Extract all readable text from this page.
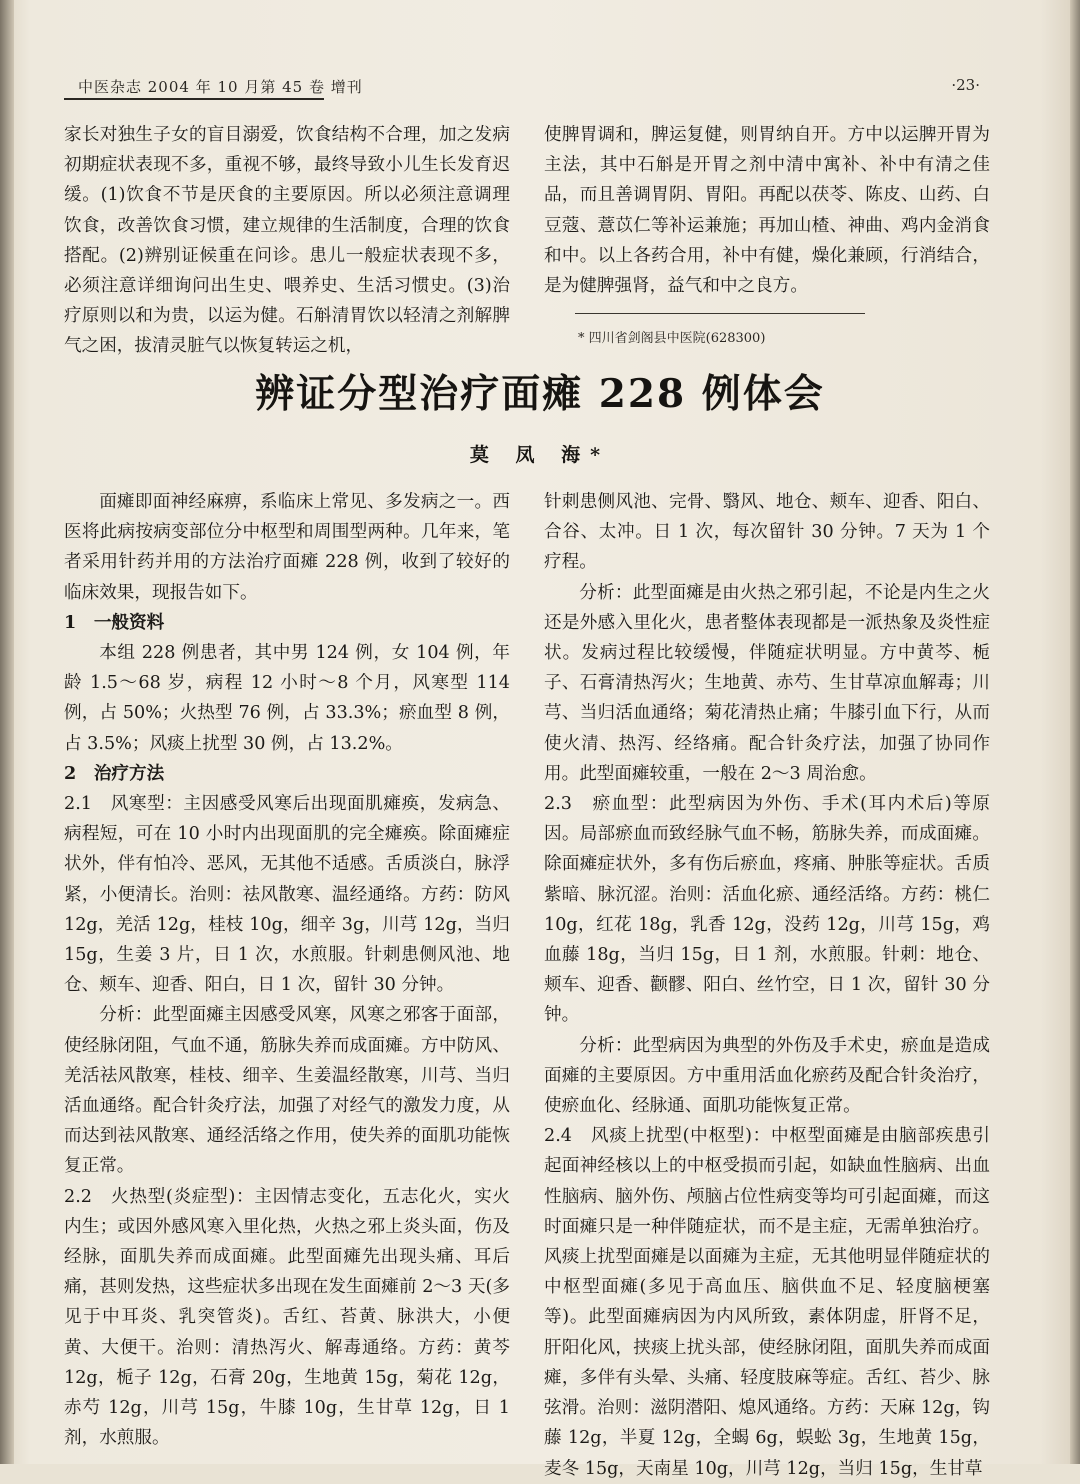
中医杂志 2004 年 10 月第 45 卷 增刊	·23·

家长对独生子女的盲目溺爱，饮食结构不合理，加之发病初期症状表现不多，重视不够，最终导致小儿生长发育迟缓。(1)饮食不节是厌食的主要原因。所以必须注意调理饮食，改善饮食习惯，建立规律的生活制度，合理的饮食搭配。(2)辨别证候重在问诊。患儿一般症状表现不多，必须注意详细询问出生史、喂养史、生活习惯史。(3)治疗原则以和为贵，以运为健。石斛清胃饮以轻清之剂解脾气之困，拔清灵脏气以恢复转运之机，

使脾胃调和，脾运复健，则胃纳自开。方中以运脾开胃为主法，其中石斛是开胃之剂中清中寓补、补中有清之佳品，而且善调胃阴、胃阳。再配以茯苓、陈皮、山药、白豆蔻、薏苡仁等补运兼施；再加山楂、神曲、鸡内金消食和中。以上各药合用，补中有健，燥化兼顾，行消结合，是为健脾强肾，益气和中之良方。

* 四川省剑阁县中医院(628300)
辨证分型治疗面瘫 228 例体会
莫 凤 海*

面瘫即面神经麻痹，系临床上常见、多发病之一。西医将此病按病变部位分中枢型和周围型两种。几年来，笔者采用针药并用的方法治疗面瘫 228 例，收到了较好的临床效果，现报告如下。

1　一般资料

本组 228 例患者，其中男 124 例，女 104 例，年龄 1.5～68 岁，病程 12 小时～8 个月，风寒型 114 例，占 50%；火热型 76 例，占 33.3%；瘀血型 8 例，占 3.5%；风痰上扰型 30 例，占 13.2%。

2　治疗方法

2.1　风寒型：主因感受风寒后出现面肌瘫痪，发病急、病程短，可在 10 小时内出现面肌的完全瘫痪。除面瘫症状外，伴有怕冷、恶风，无其他不适感。舌质淡白，脉浮紧，小便清长。治则：祛风散寒、温经通络。方药：防风 12g，羌活 12g，桂枝 10g，细辛 3g，川芎 12g，当归 15g，生姜 3 片，日 1 次，水煎服。针刺患侧风池、地仓、颊车、迎香、阳白，日 1 次，留针 30 分钟。

分析：此型面瘫主因感受风寒，风寒之邪客于面部，使经脉闭阻，气血不通，筋脉失养而成面瘫。方中防风、羌活祛风散寒，桂枝、细辛、生姜温经散寒，川芎、当归活血通络。配合针灸疗法，加强了对经气的激发力度，从而达到祛风散寒、通经活络之作用，使失养的面肌功能恢复正常。

2.2　火热型(炎症型)：主因情志变化，五志化火，实火内生；或因外感风寒入里化热，火热之邪上炎头面，伤及经脉，面肌失养而成面瘫。此型面瘫先出现头痛、耳后痛，甚则发热，这些症状多出现在发生面瘫前 2～3 天(多见于中耳炎、乳突管炎)。舌红、苔黄、脉洪大，小便黄、大便干。治则：清热泻火、解毒通络。方药：黄芩 12g，栀子 12g，石膏 20g，生地黄 15g，菊花 12g，赤芍 12g，川芎 15g，牛膝 10g，生甘草 12g，日 1 剂，水煎服。

针刺患侧风池、完骨、翳风、地仓、颊车、迎香、阳白、合谷、太冲。日 1 次，每次留针 30 分钟。7 天为 1 个疗程。

分析：此型面瘫是由火热之邪引起，不论是内生之火还是外感入里化火，患者整体表现都是一派热象及炎性症状。发病过程比较缓慢，伴随症状明显。方中黄芩、栀子、石膏清热泻火；生地黄、赤芍、生甘草凉血解毒；川芎、当归活血通络；菊花清热止痛；牛膝引血下行，从而使火清、热泻、经络痛。配合针灸疗法，加强了协同作用。此型面瘫较重，一般在 2～3 周治愈。

2.3　瘀血型：此型病因为外伤、手术(耳内术后)等原因。局部瘀血而致经脉气血不畅，筋脉失养，而成面瘫。除面瘫症状外，多有伤后瘀血，疼痛、肿胀等症状。舌质紫暗、脉沉涩。治则：活血化瘀、通经活络。方药：桃仁 10g，红花 18g，乳香 12g，没药 12g，川芎 15g，鸡血藤 18g，当归 15g，日 1 剂，水煎服。针刺：地仓、颊车、迎香、颧髎、阳白、丝竹空，日 1 次，留针 30 分钟。

分析：此型病因为典型的外伤及手术史，瘀血是造成面瘫的主要原因。方中重用活血化瘀药及配合针灸治疗，使瘀血化、经脉通、面肌功能恢复正常。

2.4　风痰上扰型(中枢型)：中枢型面瘫是由脑部疾患引起面神经核以上的中枢受损而引起，如缺血性脑病、出血性脑病、脑外伤、颅脑占位性病变等均可引起面瘫，而这时面瘫只是一种伴随症状，而不是主症，无需单独治疗。风痰上扰型面瘫是以面瘫为主症，无其他明显伴随症状的中枢型面瘫(多见于高血压、脑供血不足、轻度脑梗塞等)。此型面瘫病因为内风所致，素体阴虚，肝肾不足，肝阳化风，挟痰上扰头部，使经脉闭阻，面肌失养而成面瘫，多伴有头晕、头痛、轻度肢麻等症。舌红、苔少、脉弦滑。治则：滋阴潜阳、熄风通络。方药：天麻 12g，钩藤 12g，半夏 12g，全蝎 6g，蜈蚣 3g，生地黄 15g，麦冬 15g，天南星 10g，川芎 12g，当归 15g，生甘草
